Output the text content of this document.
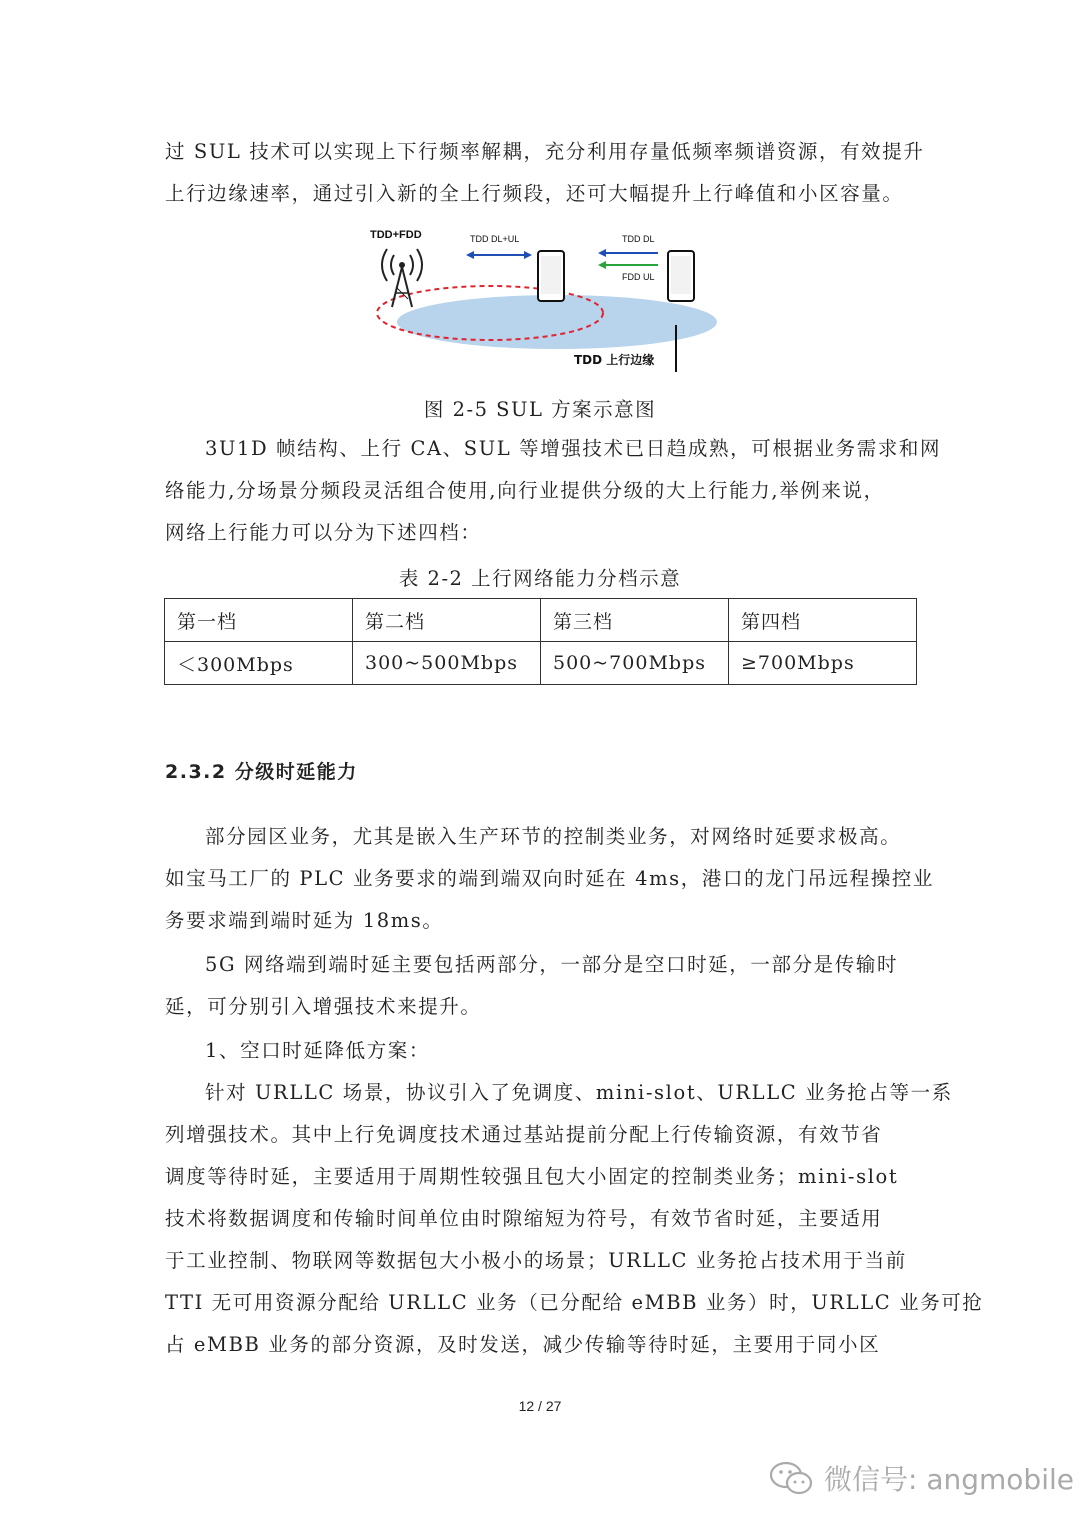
过 SUL 技术可以实现上下行频率解耦，充分利用存量低频率频谱资源，有效提升
上行边缘速率，通过引入新的全上行频段，还可大幅提升上行峰值和小区容量。
TDD+FDD	TDD DL+UL	TDD DL
FDD UL
TDD 上行边缘
图 2-5 SUL 方案示意图
3U1D 帧结构、上行 CA、SUL 等增强技术已日趋成熟，可根据业务需求和网
络能力,分场景分频段灵活组合使用,向行业提供分级的大上行能力,举例来说，
网络上行能力可以分为下述四档：
表 2-2 上行网络能力分档示意
第一档	第二档	第三档	第四档
＜300Mbps	300~500Mbps	500~700Mbps	≥700Mbps
2.3.2 分级时延能力
部分园区业务，尤其是嵌入生产环节的控制类业务，对网络时延要求极高。
如宝马工厂的 PLC 业务要求的端到端双向时延在 4ms，港口的龙门吊远程操控业
务要求端到端时延为 18ms。
5G 网络端到端时延主要包括两部分，一部分是空口时延，一部分是传输时
延，可分别引入增强技术来提升。
1、空口时延降低方案：
针对 URLLC 场景，协议引入了免调度、mini-slot、URLLC 业务抢占等一系
列增强技术。其中上行免调度技术通过基站提前分配上行传输资源，有效节省
调度等待时延，主要适用于周期性较强且包大小固定的控制类业务；mini-slot
技术将数据调度和传输时间单位由时隙缩短为符号，有效节省时延，主要适用
于工业控制、物联网等数据包大小极小的场景；URLLC 业务抢占技术用于当前
TTI 无可用资源分配给 URLLC 业务（已分配给 eMBB 业务）时，URLLC 业务可抢
占 eMBB 业务的部分资源，及时发送，减少传输等待时延，主要用于同小区
12 / 27
微信号: angmobile
